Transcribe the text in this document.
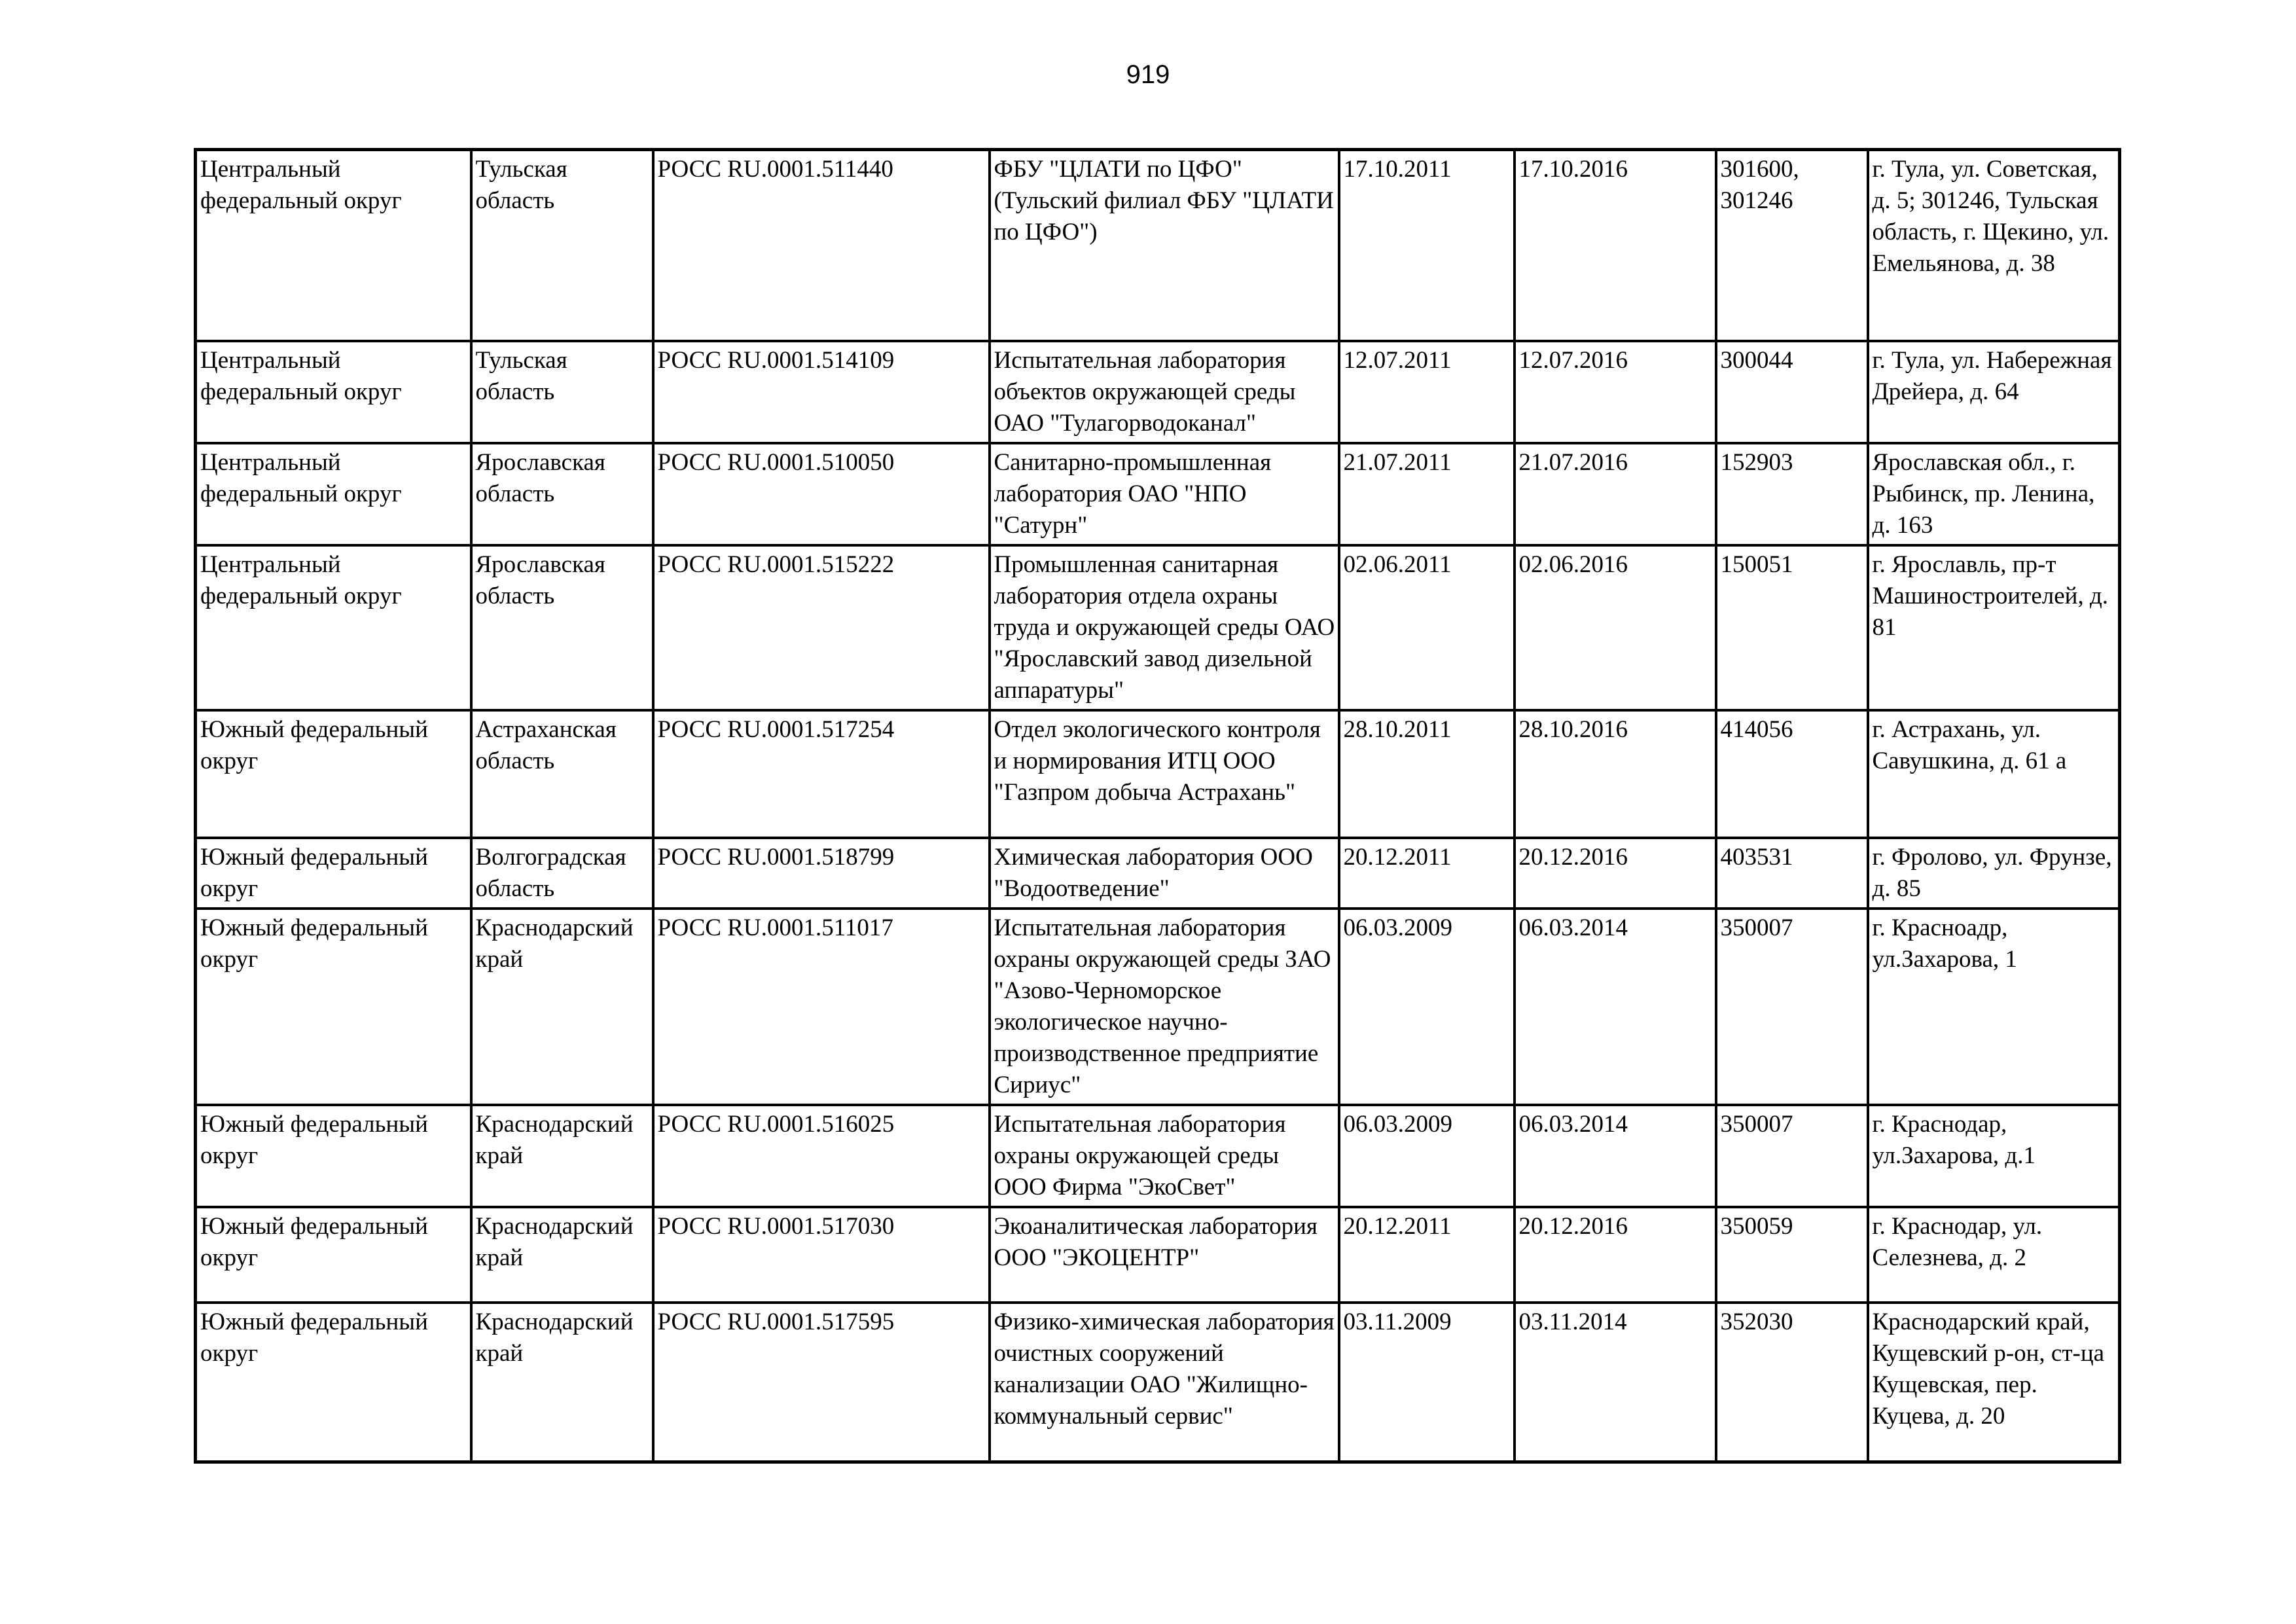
919
Центральный федеральный округ	Тульская область	РОСС RU.0001.511440	ФБУ "ЦЛАТИ по ЦФО" (Тульский филиал ФБУ "ЦЛАТИ по ЦФО")	17.10.2011	17.10.2016	301600, 301246	г. Тула, ул. Советская, д. 5; 301246, Тульская область, г. Щекино, ул. Емельянова, д. 38
Центральный федеральный округ	Тульская область	РОСС RU.0001.514109	Испытательная лаборатория объектов окружающей среды ОАО "Тулагорводоканал"	12.07.2011	12.07.2016	300044	г. Тула, ул. Набережная Дрейера, д. 64
Центральный федеральный округ	Ярославская область	РОСС RU.0001.510050	Санитарно-промышленная лаборатория ОАО "НПО "Сатурн"	21.07.2011	21.07.2016	152903	Ярославская обл., г. Рыбинск, пр. Ленина, д. 163
Центральный федеральный округ	Ярославская область	РОСС RU.0001.515222	Промышленная санитарная лаборатория отдела охраны труда и окружающей среды ОАО "Ярославский завод дизельной аппаратуры"	02.06.2011	02.06.2016	150051	г. Ярославль, пр-т Машиностроителей, д. 81
Южный федеральный округ	Астраханская область	РОСС RU.0001.517254	Отдел экологического контроля и нормирования ИТЦ ООО "Газпром добыча Астрахань"	28.10.2011	28.10.2016	414056	г. Астрахань, ул. Савушкина, д. 61 а
Южный федеральный округ	Волгоградская область	РОСС RU.0001.518799	Химическая лаборатория ООО "Водоотведение"	20.12.2011	20.12.2016	403531	г. Фролово, ул. Фрунзе, д. 85
Южный федеральный округ	Краснодарский край	РОСС RU.0001.511017	Испытательная лаборатория охраны окружающей среды ЗАО "Азово-Черноморское экологическое научно-производственное предприятие Сириус"	06.03.2009	06.03.2014	350007	г. Красноадр, ул.Захарова, 1
Южный федеральный округ	Краснодарский край	РОСС RU.0001.516025	Испытательная лаборатория охраны окружающей среды ООО Фирма "ЭкоСвет"	06.03.2009	06.03.2014	350007	г. Краснодар, ул.Захарова, д.1
Южный федеральный округ	Краснодарский край	РОСС RU.0001.517030	Экоаналитическая лаборатория ООО "ЭКОЦЕНТР"	20.12.2011	20.12.2016	350059	г. Краснодар, ул. Селезнева, д. 2
Южный федеральный округ	Краснодарский край	РОСС RU.0001.517595	Физико-химическая лаборатория очистных сооружений канализации ОАО "Жилищно-коммунальный сервис"	03.11.2009	03.11.2014	352030	Краснодарский край, Кущевский р-он, ст-ца Кущевская, пер. Куцева, д. 20
